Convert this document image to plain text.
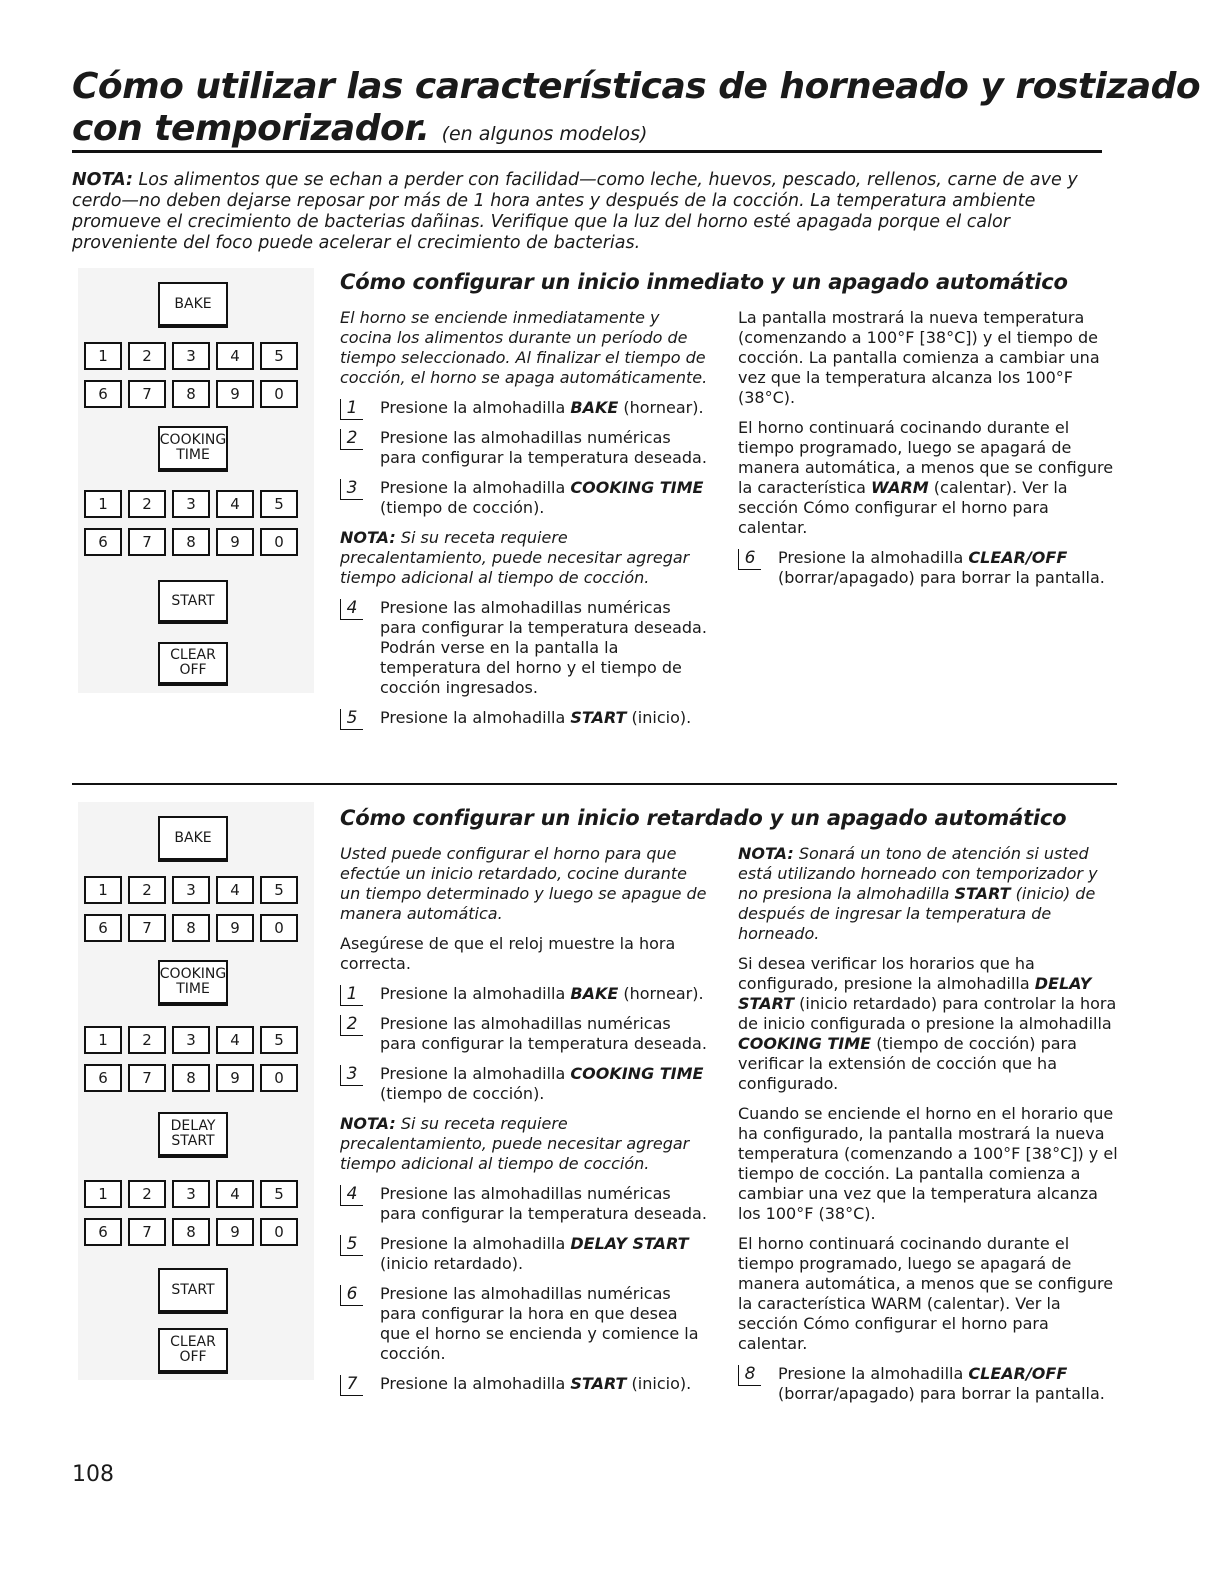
Cómo utilizar las características de horneado y rostizado
con temporizador. (en algunos modelos)
NOTA: Los alimentos que se echan a perder con facilidad—como leche, huevos, pescado, rellenos, carne de ave y cerdo—no deben dejarse reposar por más de 1 hora antes y después de la cocción. La temperatura ambiente promueve el crecimiento de bacterias dañinas. Verifique que la luz del horno esté apagada porque el calor proveniente del foco puede acelerar el crecimiento de bacterias.
BAKE
1	2	3	4	5
6	7	8	9	0
COOKING
TIME
1	2	3	4	5
6	7	8	9	0
START
CLEAR
OFF
Cómo configurar un inicio inmediato y un apagado automático

El horno se enciende inmediatamente y cocina los alimentos durante un período de tiempo seleccionado. Al finalizar el tiempo de cocción, el horno se apaga automáticamente.

1	Presione la almohadilla BAKE (hornear).
2	Presione las almohadillas numéricas para configurar la temperatura deseada.
3	Presione la almohadilla COOKING TIME (tiempo de cocción).

NOTA: Si su receta requiere precalentamiento, puede necesitar agregar tiempo adicional al tiempo de cocción.

4	Presione las almohadillas numéricas para configurar la temperatura deseada. Podrán verse en la pantalla la temperatura del horno y el tiempo de cocción ingresados.
5	Presione la almohadilla START (inicio).

La pantalla mostrará la nueva temperatura (comenzando a 100°F [38°C]) y el tiempo de cocción. La pantalla comienza a cambiar una vez que la temperatura alcanza los 100°F (38°C).

El horno continuará cocinando durante el tiempo programado, luego se apagará de manera automática, a menos que se configure la característica WARM (calentar). Ver la sección Cómo configurar el horno para calentar.

6	Presione la almohadilla CLEAR/OFF (borrar/apagado) para borrar la pantalla.
BAKE
1	2	3	4	5
6	7	8	9	0
COOKING
TIME
1	2	3	4	5
6	7	8	9	0
DELAY
START
1	2	3	4	5
6	7	8	9	0
START
CLEAR
OFF
Cómo configurar un inicio retardado y un apagado automático

Usted puede configurar el horno para que efectúe un inicio retardado, cocine durante un tiempo determinado y luego se apague de manera automática.

Asegúrese de que el reloj muestre la hora correcta.

1	Presione la almohadilla BAKE (hornear).
2	Presione las almohadillas numéricas para configurar la temperatura deseada.
3	Presione la almohadilla COOKING TIME (tiempo de cocción).

NOTA: Si su receta requiere precalentamiento, puede necesitar agregar tiempo adicional al tiempo de cocción.

4	Presione las almohadillas numéricas para configurar la temperatura deseada.
5	Presione la almohadilla DELAY START (inicio retardado).
6	Presione las almohadillas numéricas para configurar la hora en que desea que el horno se encienda y comience la cocción.
7	Presione la almohadilla START (inicio).

NOTA: Sonará un tono de atención si usted está utilizando horneado con temporizador y no presiona la almohadilla START (inicio) de después de ingresar la temperatura de horneado.

Si desea verificar los horarios que ha configurado, presione la almohadilla DELAY START (inicio retardado) para controlar la hora de inicio configurada o presione la almohadilla COOKING TIME (tiempo de cocción) para verificar la extensión de cocción que ha configurado.

Cuando se enciende el horno en el horario que ha configurado, la pantalla mostrará la nueva temperatura (comenzando a 100°F [38°C]) y el tiempo de cocción. La pantalla comienza a cambiar una vez que la temperatura alcanza los 100°F (38°C).

El horno continuará cocinando durante el tiempo programado, luego se apagará de manera automática, a menos que se configure la característica WARM (calentar). Ver la sección Cómo configurar el horno para calentar.

8	Presione la almohadilla CLEAR/OFF (borrar/apagado) para borrar la pantalla.
108
